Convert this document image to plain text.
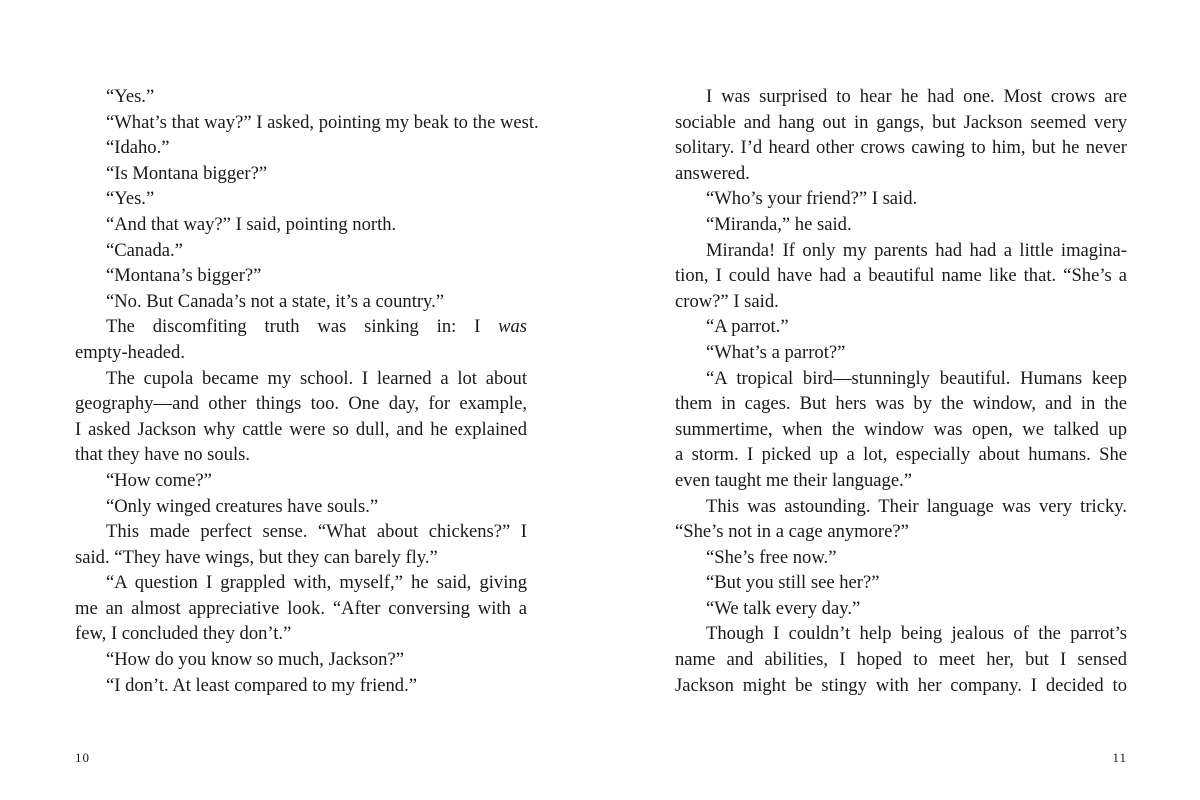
“Yes.”
“What’s that way?” I asked, pointing my beak to the west.
“Idaho.”
“Is Montana bigger?”
“Yes.”
“And that way?” I said, pointing north.
“Canada.”
“Montana’s bigger?”
“No. But Canada’s not a state, it’s a country.”
The discomfiting truth was sinking in: I was
empty-headed.
The cupola became my school. I learned a lot about
geography—and other things too. One day, for example,
I asked Jackson why cattle were so dull, and he explained
that they have no souls.
“How come?”
“Only winged creatures have souls.”
This made perfect sense. “What about chickens?” I
said. “They have wings, but they can barely fly.”
“A question I grappled with, myself,” he said, giving
me an almost appreciative look. “After conversing with a
few, I concluded they don’t.”
“How do you know so much, Jackson?”
“I don’t. At least compared to my friend.”
I was surprised to hear he had one. Most crows are
sociable and hang out in gangs, but Jackson seemed very
solitary. I’d heard other crows cawing to him, but he never
answered.
“Who’s your friend?” I said.
“Miranda,” he said.
Miranda! If only my parents had had a little imagina-
tion, I could have had a beautiful name like that. “She’s a
crow?” I said.
“A parrot.”
“What’s a parrot?”
“A tropical bird—stunningly beautiful. Humans keep
them in cages. But hers was by the window, and in the
summertime, when the window was open, we talked up
a storm. I picked up a lot, especially about humans. She
even taught me their language.”
This was astounding. Their language was very tricky.
“She’s not in a cage anymore?”
“She’s free now.”
“But you still see her?”
“We talk every day.”
Though I couldn’t help being jealous of the parrot’s
name and abilities, I hoped to meet her, but I sensed
Jackson might be stingy with her company. I decided to
10	11
